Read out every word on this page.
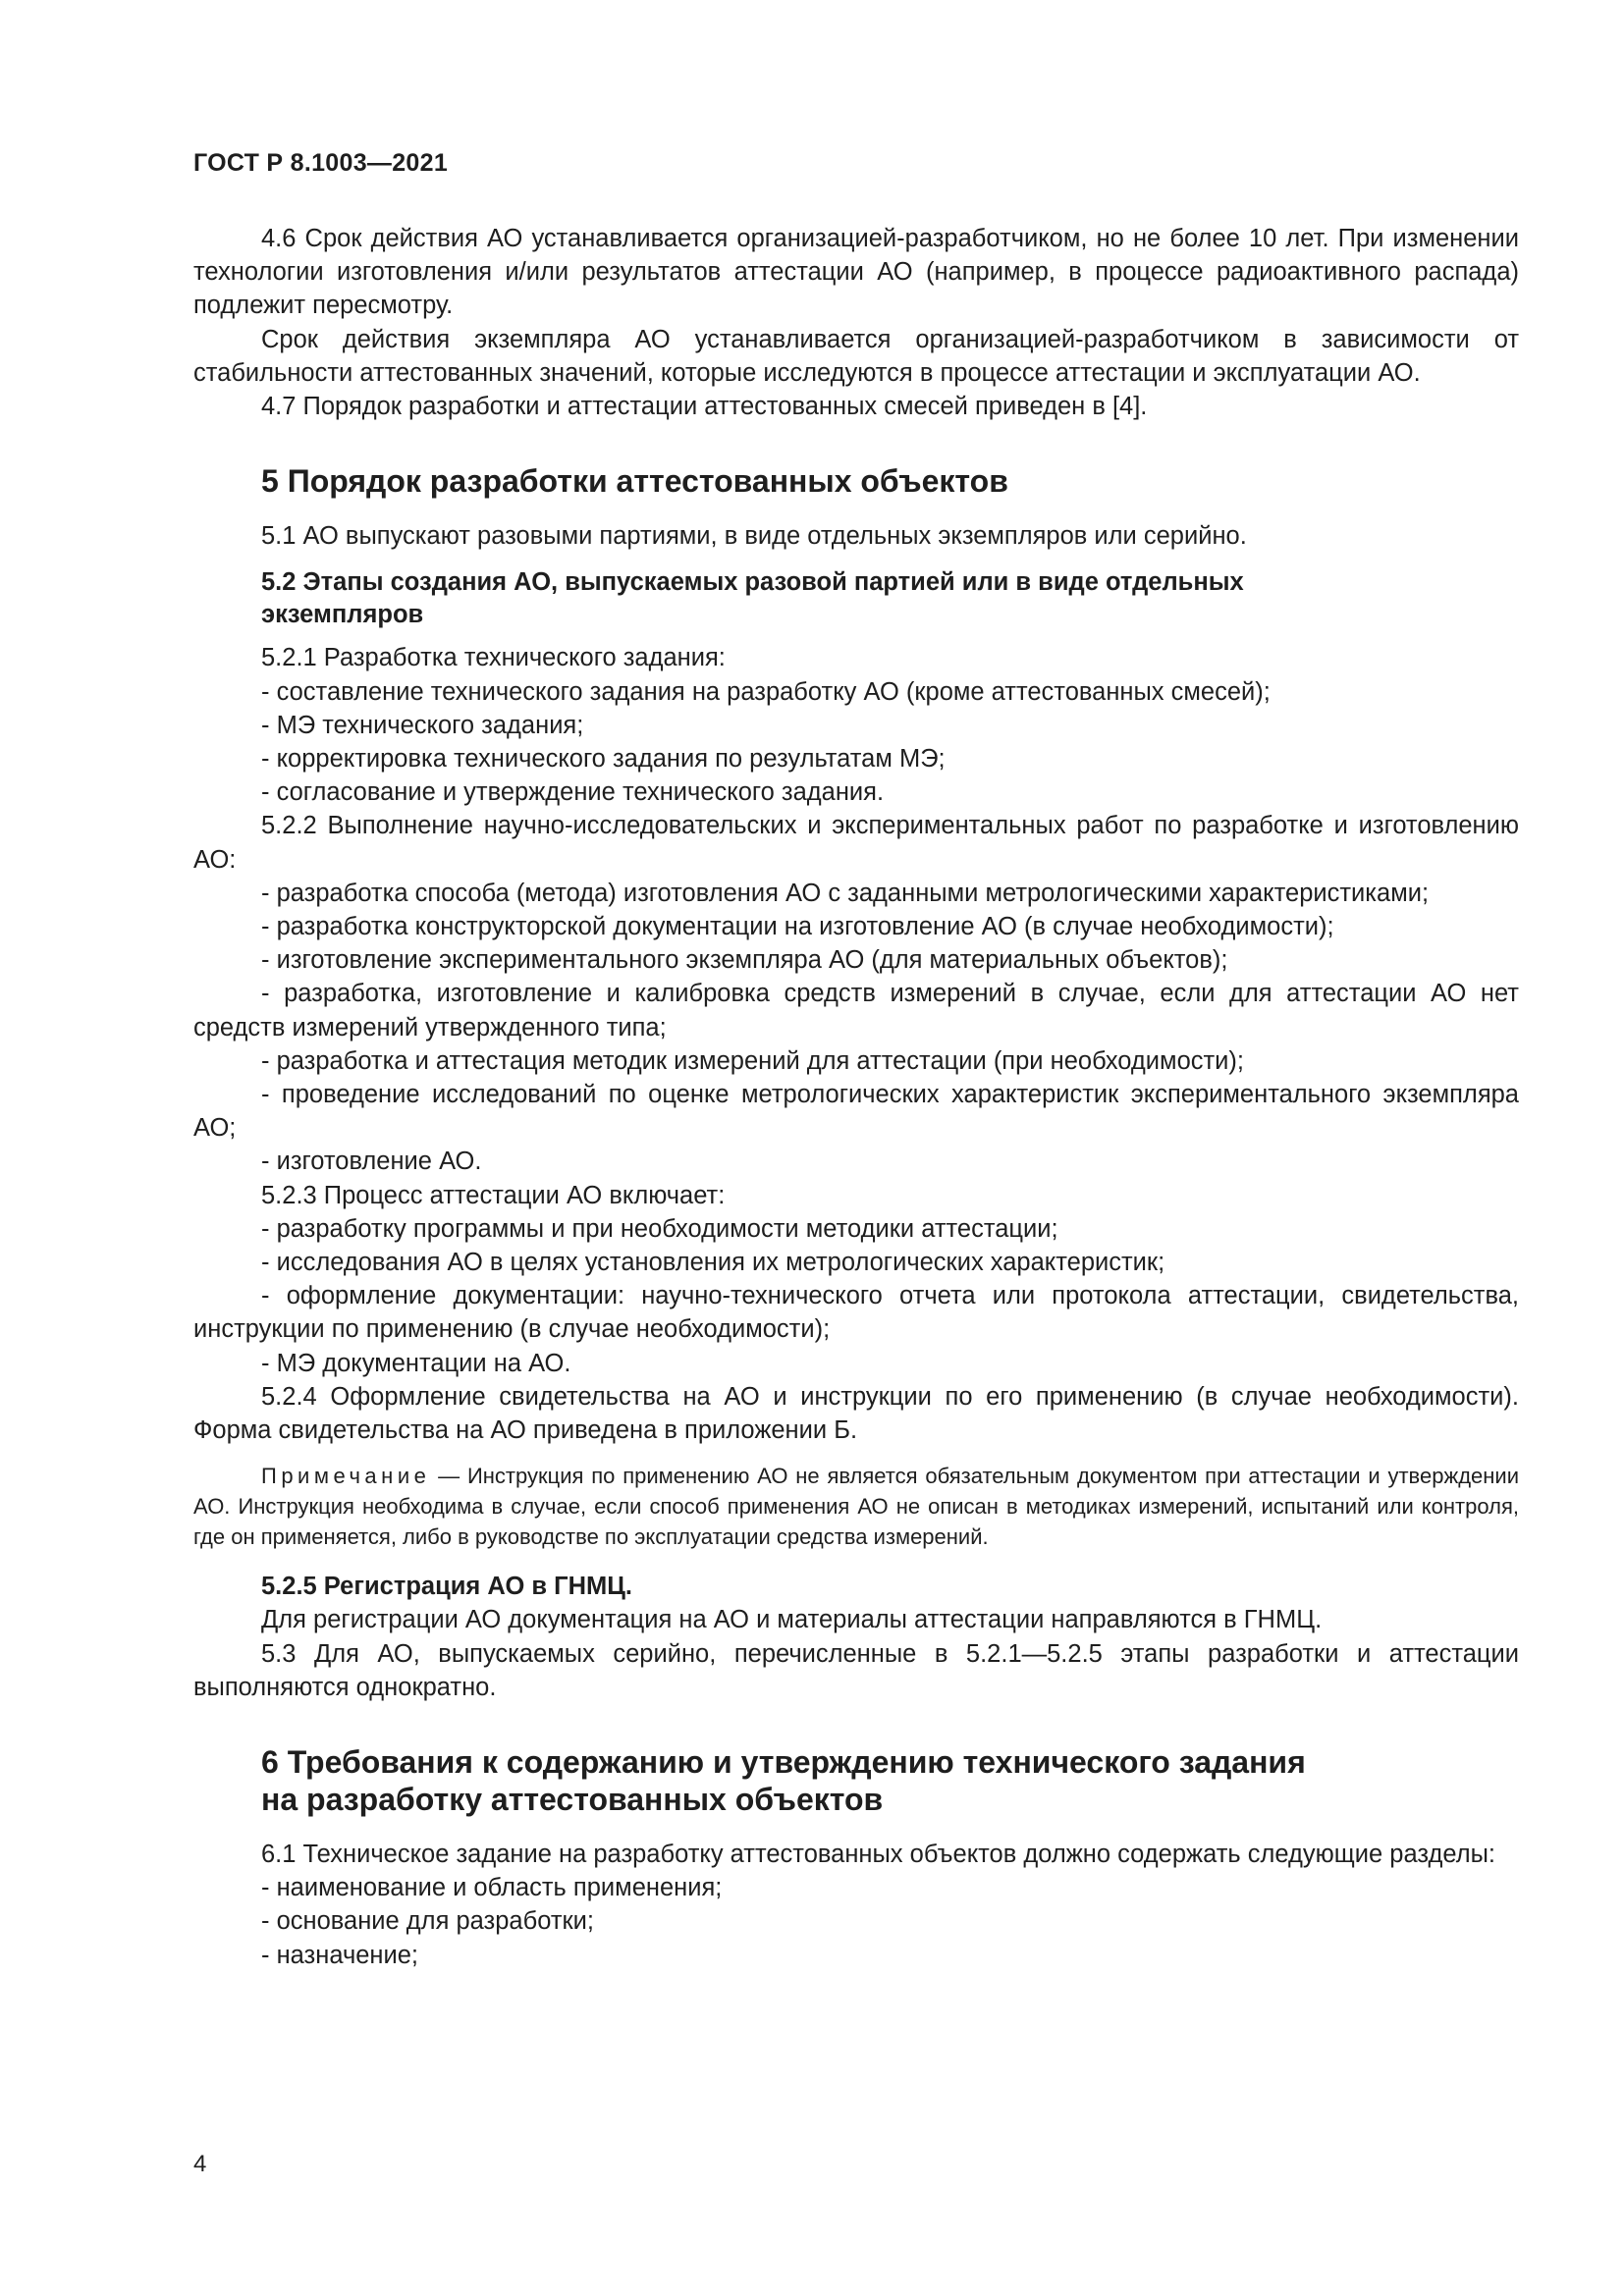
ГОСТ Р 8.1003—2021

4.6 Срок действия АО устанавливается организацией-разработчиком, но не более 10 лет. При изменении технологии изготовления и/или результатов аттестации АО (например, в процессе радиоактивного распада) подлежит пересмотру.

Срок действия экземпляра АО устанавливается организацией-разработчиком в зависимости от стабильности аттестованных значений, которые исследуются в процессе аттестации и эксплуатации АО.

4.7 Порядок разработки и аттестации аттестованных смесей приведен в [4].

5 Порядок разработки аттестованных объектов

5.1 АО выпускают разовыми партиями, в виде отдельных экземпляров или серийно.

5.2 Этапы создания АО, выпускаемых разовой партией или в виде отдельных экземпляров

5.2.1 Разработка технического задания:

- составление технического задания на разработку АО (кроме аттестованных смесей);

- МЭ технического задания;

- корректировка технического задания по результатам МЭ;

- согласование и утверждение технического задания.

5.2.2 Выполнение научно-исследовательских и экспериментальных работ по разработке и изготовлению АО:

- разработка способа (метода) изготовления АО с заданными метрологическими характеристиками;

- разработка конструкторской документации на изготовление АО (в случае необходимости);

- изготовление экспериментального экземпляра АО (для материальных объектов);

- разработка, изготовление и калибровка средств измерений в случае, если для аттестации АО нет средств измерений утвержденного типа;

- разработка и аттестация методик измерений для аттестации (при необходимости);

- проведение исследований по оценке метрологических характеристик экспериментального экземпляра АО;

- изготовление АО.

5.2.3 Процесс аттестации АО включает:

- разработку программы и при необходимости методики аттестации;

- исследования АО в целях установления их метрологических характеристик;

- оформление документации: научно-технического отчета или протокола аттестации, свидетельства, инструкции по применению (в случае необходимости);

- МЭ документации на АО.

5.2.4 Оформление свидетельства на АО и инструкции по его применению (в случае необходимости). Форма свидетельства на АО приведена в приложении Б.

Примечание — Инструкция по применению АО не является обязательным документом при аттестации и утверждении АО. Инструкция необходима в случае, если способ применения АО не описан в методиках измерений, испытаний или контроля, где он применяется, либо в руководстве по эксплуатации средства измерений.

5.2.5 Регистрация АО в ГНМЦ.

Для регистрации АО документация на АО и материалы аттестации направляются в ГНМЦ.

5.3 Для АО, выпускаемых серийно, перечисленные в 5.2.1—5.2.5 этапы разработки и аттестации выполняются однократно.

6 Требования к содержанию и утверждению технического задания
на разработку аттестованных объектов

6.1 Техническое задание на разработку аттестованных объектов должно содержать следующие разделы:

- наименование и область применения;

- основание для разработки;

- назначение;

4
